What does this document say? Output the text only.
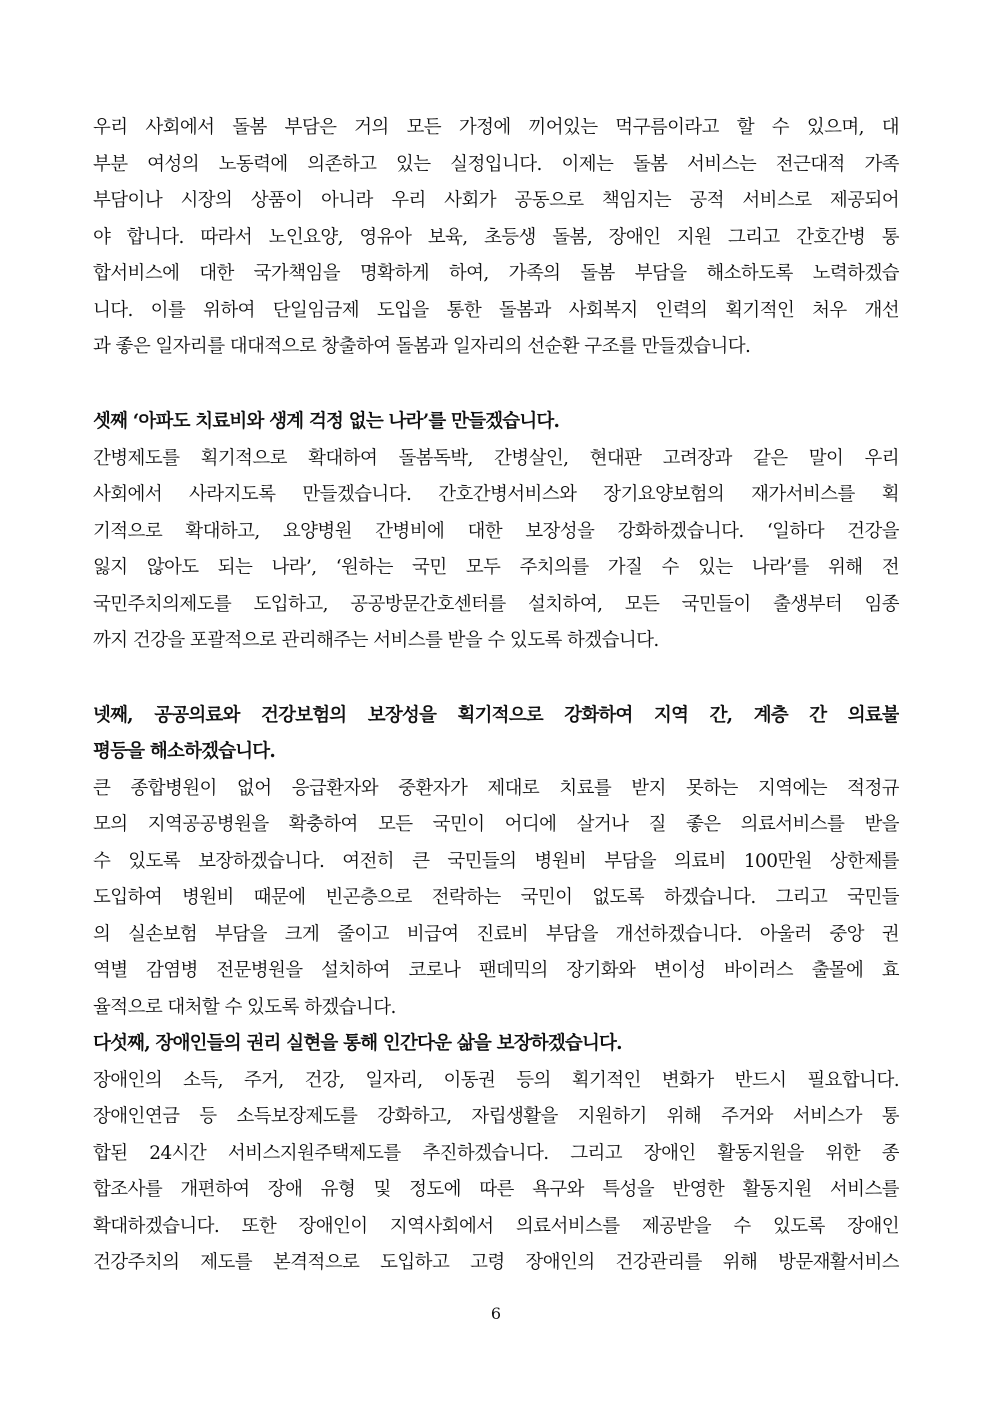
우리 사회에서 돌봄 부담은 거의 모든 가정에 끼어있는 먹구름이라고 할 수 있으며, 대
부분 여성의 노동력에 의존하고 있는 실정입니다. 이제는 돌봄 서비스는 전근대적 가족
부담이나 시장의 상품이 아니라 우리 사회가 공동으로 책임지는 공적 서비스로 제공되어
야 합니다. 따라서 노인요양, 영유아 보육, 초등생 돌봄, 장애인 지원 그리고 간호간병 통
합서비스에 대한 국가책임을 명확하게 하여, 가족의 돌봄 부담을 해소하도록 노력하겠습
니다. 이를 위하여 단일임금제 도입을 통한 돌봄과 사회복지 인력의 획기적인 처우 개선
과 좋은 일자리를 대대적으로 창출하여 돌봄과 일자리의 선순환 구조를 만들겠습니다.
셋째 ‘아파도 치료비와 생계 걱정 없는 나라’를 만들겠습니다.
간병제도를 획기적으로 확대하여 돌봄독박, 간병살인, 현대판 고려장과 같은 말이 우리
사회에서 사라지도록 만들겠습니다. 간호간병서비스와 장기요양보험의 재가서비스를 획
기적으로 확대하고, 요양병원 간병비에 대한 보장성을 강화하겠습니다. ‘일하다 건강을
잃지 않아도 되는 나라’, ‘원하는 국민 모두 주치의를 가질 수 있는 나라’를 위해 전
국민주치의제도를 도입하고, 공공방문간호센터를 설치하여, 모든 국민들이 출생부터 임종
까지 건강을 포괄적으로 관리해주는 서비스를 받을 수 있도록 하겠습니다.
넷째, 공공의료와 건강보험의 보장성을 획기적으로 강화하여 지역 간, 계층 간 의료불
평등을 해소하겠습니다.
큰 종합병원이 없어 응급환자와 중환자가 제대로 치료를 받지 못하는 지역에는 적정규
모의 지역공공병원을 확충하여 모든 국민이 어디에 살거나 질 좋은 의료서비스를 받을
수 있도록 보장하겠습니다. 여전히 큰 국민들의 병원비 부담을 의료비 100만원 상한제를
도입하여 병원비 때문에 빈곤층으로 전락하는 국민이 없도록 하겠습니다. 그리고 국민들
의 실손보험 부담을 크게 줄이고 비급여 진료비 부담을 개선하겠습니다. 아울러 중앙 권
역별 감염병 전문병원을 설치하여 코로나 팬데믹의 장기화와 변이성 바이러스 출몰에 효
율적으로 대처할 수 있도록 하겠습니다.
다섯째, 장애인들의 권리 실현을 통해 인간다운 삶을 보장하겠습니다.
장애인의 소득, 주거, 건강, 일자리, 이동권 등의 획기적인 변화가 반드시 필요합니다.
장애인연금 등 소득보장제도를 강화하고, 자립생활을 지원하기 위해 주거와 서비스가 통
합된 24시간 서비스지원주택제도를 추진하겠습니다. 그리고 장애인 활동지원을 위한 종
합조사를 개편하여 장애 유형 및 정도에 따른 욕구와 특성을 반영한 활동지원 서비스를
확대하겠습니다. 또한 장애인이 지역사회에서 의료서비스를 제공받을 수 있도록 장애인
건강주치의 제도를 본격적으로 도입하고 고령 장애인의 건강관리를 위해 방문재활서비스
6
